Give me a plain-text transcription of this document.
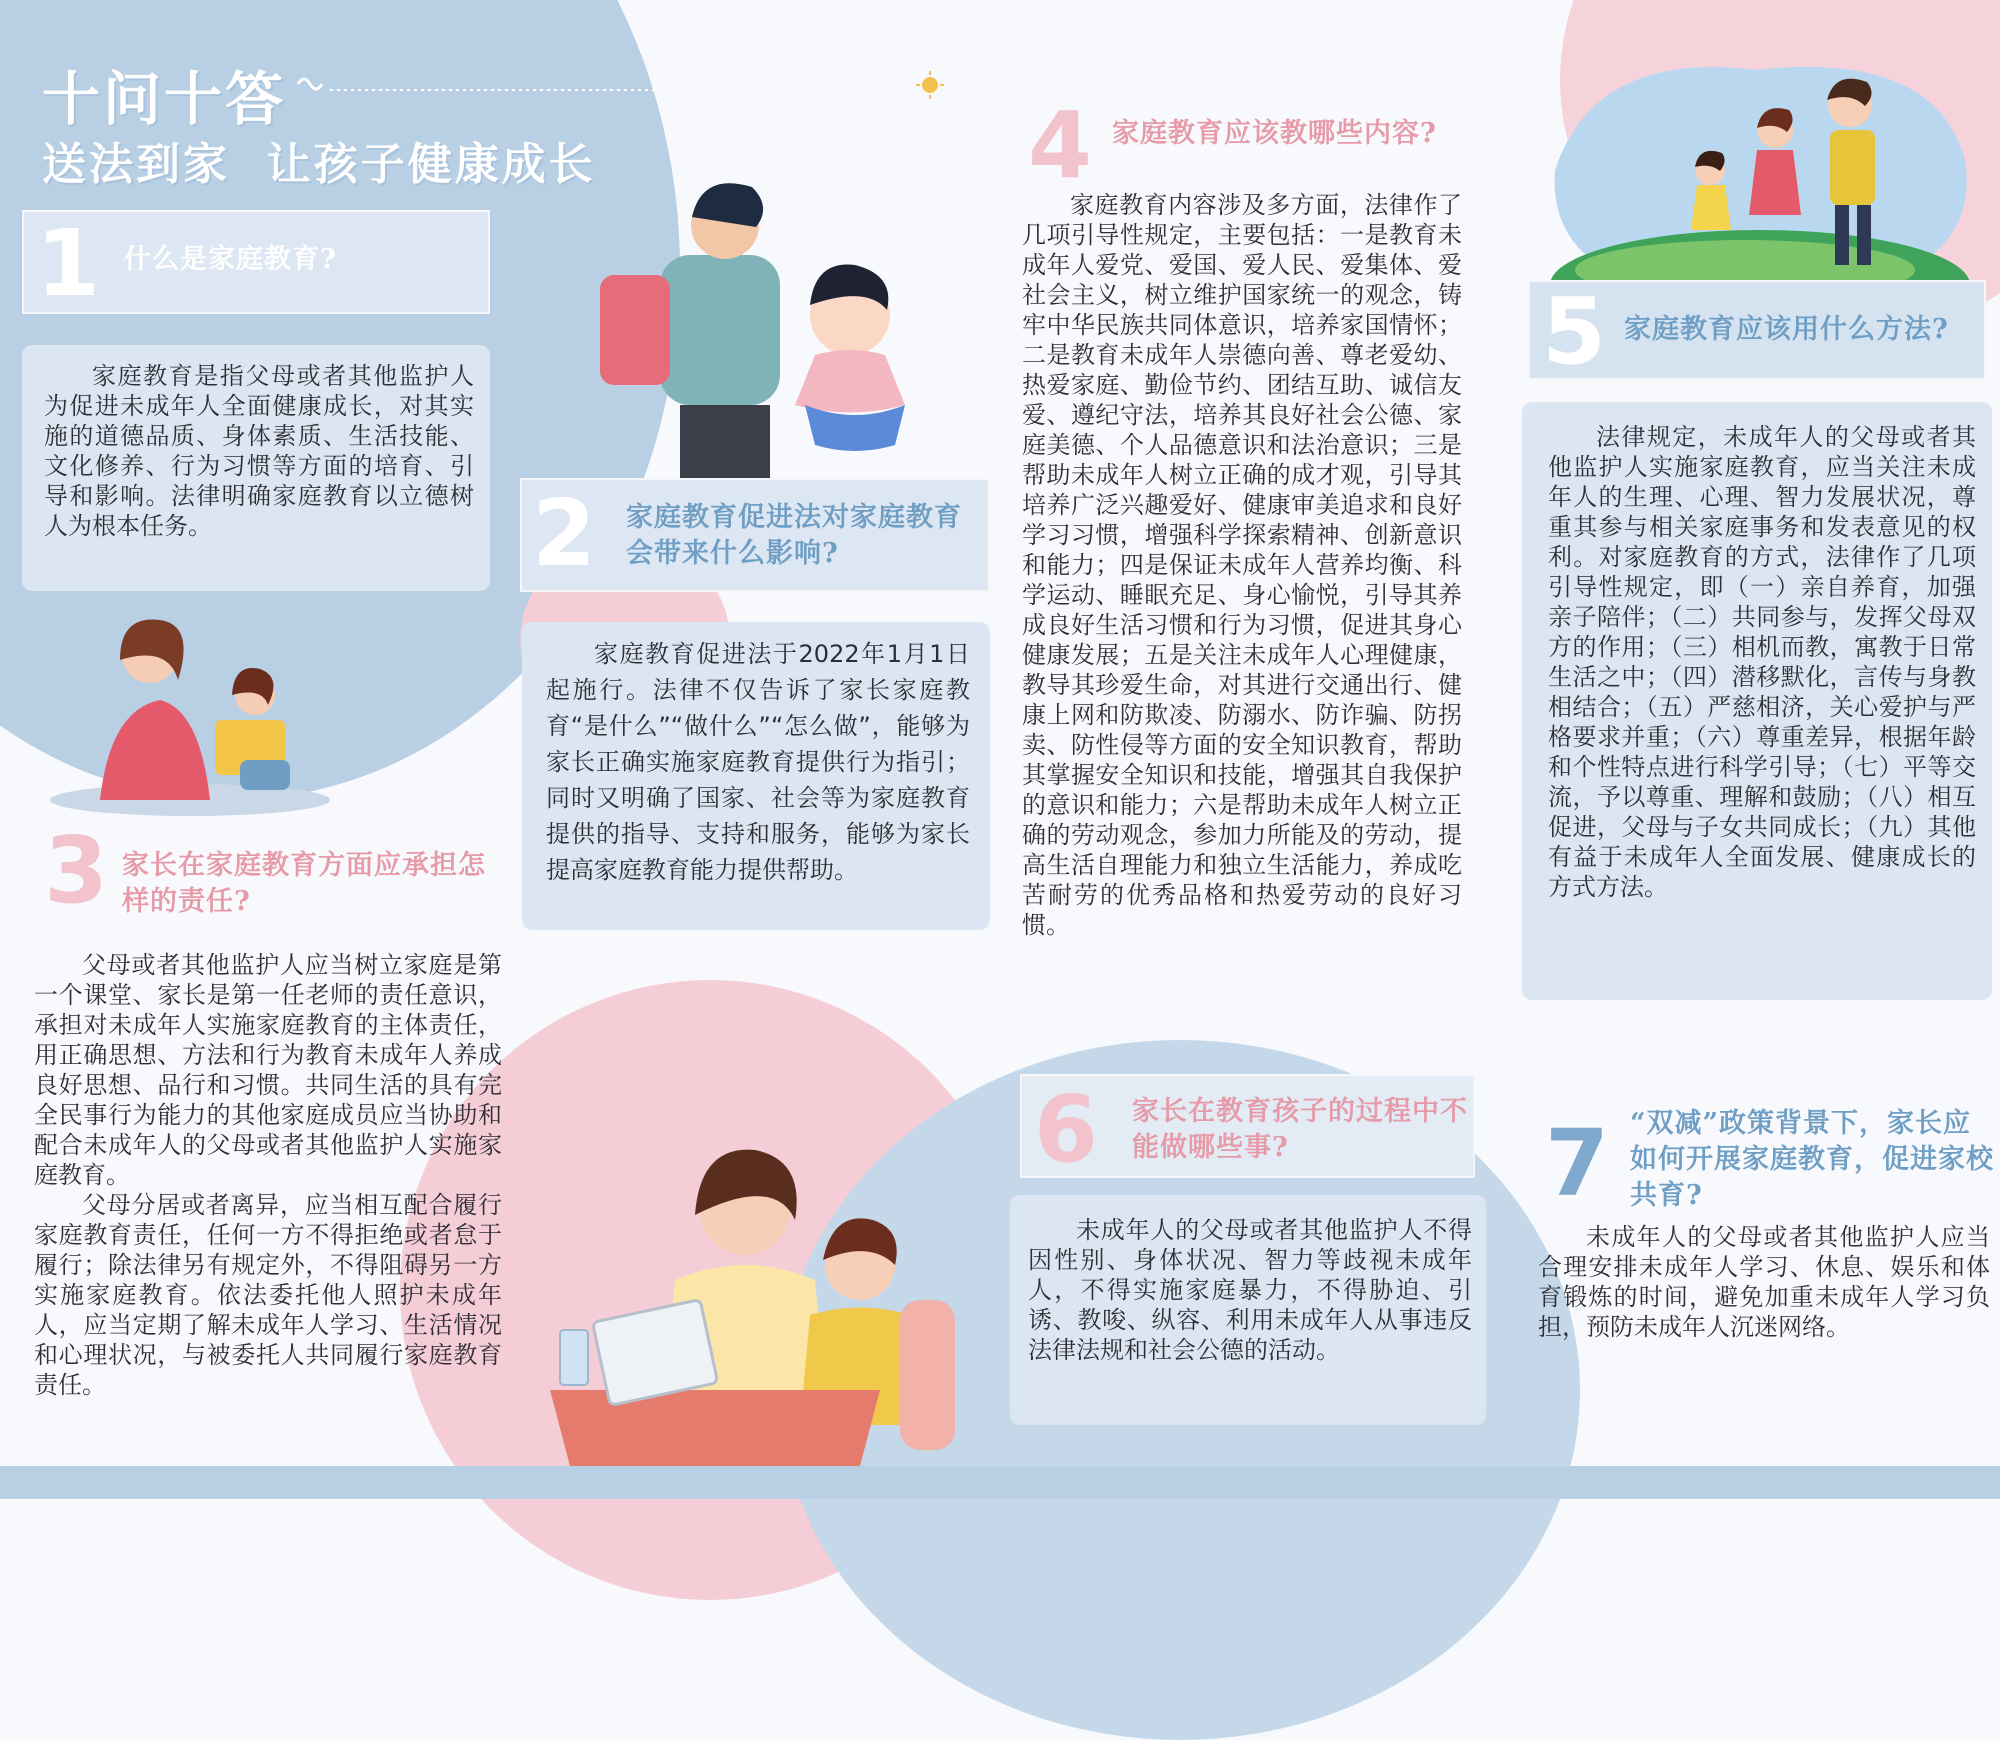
十问十答
送法到家  让孩子健康成长
1 什么是家庭教育?

家庭教育是指父母或者其他监护人为促进未成年人全面健康成长，对其实施的道德品质、身体素质、生活技能、文化修养、行为习惯等方面的培育、引导和影响。法律明确家庭教育以立德树人为根本任务。	2 家庭教育促进法对家庭教育会带来什么影响?

家庭教育促进法于2022年1月1日起施行。法律不仅告诉了家长家庭教育“是什么”“做什么”“怎么做”，能够为家长正确实施家庭教育提供行为指引；同时又明确了国家、社会等为家庭教育提供的指导、支持和服务，能够为家长提高家庭教育能力提供帮助。

3 家长在家庭教育方面应承担怎样的责任?

父母或者其他监护人应当树立家庭是第一个课堂、家长是第一任老师的责任意识，承担对未成年人实施家庭教育的主体责任，用正确思想、方法和行为教育未成年人养成良好思想、品行和习惯。共同生活的具有完全民事行为能力的其他家庭成员应当协助和配合未成年人的父母或者其他监护人实施家庭教育。

父母分居或者离异，应当相互配合履行家庭教育责任，任何一方不得拒绝或者怠于履行；除法律另有规定外，不得阻碍另一方实施家庭教育。依法委托他人照护未成年人，应当定期了解未成年人学习、生活情况和心理状况，与被委托人共同履行家庭教育责任。

4 家庭教育应该教哪些内容?

家庭教育内容涉及多方面，法律作了几项引导性规定，主要包括：一是教育未成年人爱党、爱国、爱人民、爱集体、爱社会主义，树立维护国家统一的观念，铸牢中华民族共同体意识，培养家国情怀；二是教育未成年人崇德向善、尊老爱幼、热爱家庭、勤俭节约、团结互助、诚信友爱、遵纪守法，培养其良好社会公德、家庭美德、个人品德意识和法治意识；三是帮助未成年人树立正确的成才观，引导其培养广泛兴趣爱好、健康审美追求和良好学习习惯，增强科学探索精神、创新意识和能力；四是保证未成年人营养均衡、科学运动、睡眠充足、身心愉悦，引导其养成良好生活习惯和行为习惯，促进其身心健康发展；五是关注未成年人心理健康，教导其珍爱生命，对其进行交通出行、健康上网和防欺凌、防溺水、防诈骗、防拐卖、防性侵等方面的安全知识教育，帮助其掌握安全知识和技能，增强其自我保护的意识和能力；六是帮助未成年人树立正确的劳动观念，参加力所能及的劳动，提高生活自理能力和独立生活能力，养成吃苦耐劳的优秀品格和热爱劳动的良好习惯。

6 家长在教育孩子的过程中不能做哪些事?

未成年人的父母或者其他监护人不得因性别、身体状况、智力等歧视未成年人，不得实施家庭暴力，不得胁迫、引诱、教唆、纵容、利用未成年人从事违反法律法规和社会公德的活动。

5 家庭教育应该用什么方法?

法律规定，未成年人的父母或者其他监护人实施家庭教育，应当关注未成年人的生理、心理、智力发展状况，尊重其参与相关家庭事务和发表意见的权利。对家庭教育的方式，法律作了几项引导性规定，即（一）亲自养育，加强亲子陪伴；（二）共同参与，发挥父母双方的作用；（三）相机而教，寓教于日常生活之中；（四）潜移默化，言传与身教相结合；（五）严慈相济，关心爱护与严格要求并重；（六）尊重差异，根据年龄和个性特点进行科学引导；（七）平等交流，予以尊重、理解和鼓励；（八）相互促进，父母与子女共同成长；（九）其他有益于未成年人全面发展、健康成长的方式方法。

7 “双减”政策背景下，家长应如何开展家庭教育，促进家校共育?

未成年人的父母或者其他监护人应当合理安排未成年人学习、休息、娱乐和体育锻炼的时间，避免加重未成年人学习负担，预防未成年人沉迷网络。
